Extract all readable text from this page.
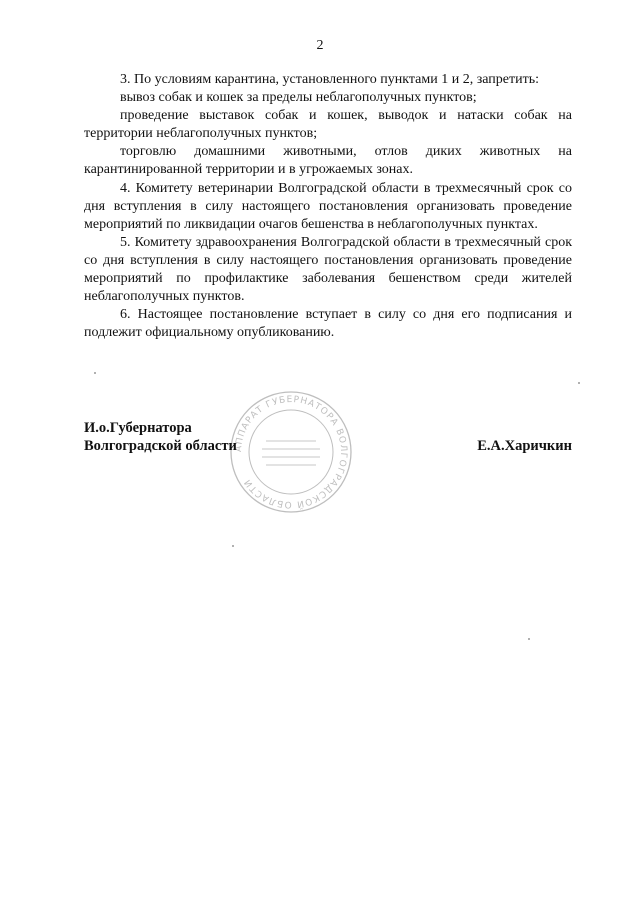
2

3. По условиям карантина, установленного пунктами 1 и 2, запретить:

вывоз собак и кошек за пределы неблагополучных пунктов;

проведение выставок собак и кошек, выводок и натаски собак на территории неблагополучных пунктов;

торговлю домашними животными, отлов диких животных на карантинированной территории и в угрожаемых зонах.

4. Комитету ветеринарии Волгоградской области в трехмесячный срок со дня вступления в силу настоящего постановления организовать проведение мероприятий по ликвидации очагов бешенства в неблагополучных пунктах.

5. Комитету здравоохранения Волгоградской области в трехмесячный срок со дня вступления в силу настоящего постановления организовать проведение мероприятий по профилактике заболевания бешенством среди жителей неблагополучных пунктов.

6. Настоящее постановление вступает в силу со дня его подписания и подлежит официальному опубликованию.

АППАРАТ ГУБЕРНАТОРА ВОЛГОГРАДСКОЙ ОБЛАСТИ
И.о.Губернатора
Волгоградской области	Е.А.Харичкин
